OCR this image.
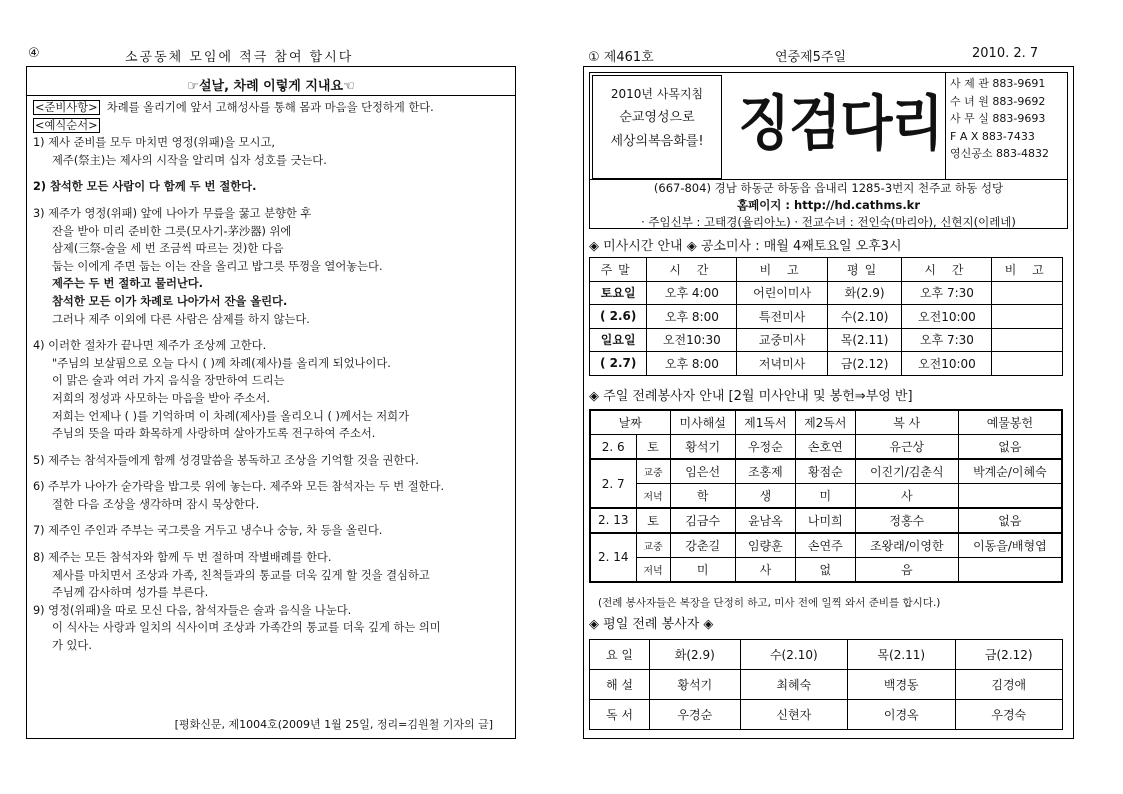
④	소공동체 모임에 적극 참여 합시다
☞설날, 차례 이렇게 지내요☜
<준비사항> 차례를 올리기에 앞서 고해성사를 통해 몸과 마음을 단정하게 한다.
<예식순서>
1) 제사 준비를 모두 마치면 영정(위패)을 모시고,
제주(祭主)는 제사의 시작을 알리며 십자 성호를 긋는다.
2) 참석한 모든 사람이 다 함께 두 번 절한다.
3) 제주가 영정(위패) 앞에 나아가 무릎을 꿇고 분향한 후
잔을 받아 미리 준비한 그릇(모사기-茅沙器) 위에
삼제(三祭-술을 세 번 조금씩 따르는 것)한 다음
둡는 이에게 주면 둡는 이는 잔을 올리고 밥그릇 뚜껑을 열어놓는다.
제주는 두 번 절하고 물러난다.
참석한 모든 이가 차례로 나아가서 잔을 올린다.
그러나 제주 이외에 다른 사람은 삼제를 하지 않는다.
4) 이러한 절차가 끝나면 제주가 조상께 고한다.
"주님의 보살핌으로 오늘 다시 ( )께 차례(제사)를 올리게 되었나이다.
이 맑은 술과 여러 가지 음식을 장만하여 드리는
저희의 정성과 사모하는 마음을 받아 주소서.
저희는 언제나 ( )를 기억하며 이 차례(제사)를 올리오니 ( )께서는 저희가
주님의 뜻을 따라 화목하게 사랑하며 살아가도록 전구하여 주소서.
5) 제주는 참석자들에게 함께 성경말씀을 봉독하고 조상을 기억할 것을 권한다.
6) 주부가 나아가 숟가락을 밥그릇 위에 놓는다. 제주와 모든 참석자는 두 번 절한다.
절한 다음 조상을 생각하며 잠시 묵상한다.
7) 제주인 주인과 주부는 국그릇을 거두고 냉수나 숭늉, 차 등을 올린다.
8) 제주는 모든 참석자와 함께 두 번 절하며 작별배례를 한다.
제사를 마치면서 조상과 가족, 친척들과의 통교를 더욱 깊게 할 것을 결심하고
주님께 감사하며 성가를 부른다.
9) 영정(위패)을 따로 모신 다음, 참석자들은 술과 음식을 나눈다.
이 식사는 사랑과 일치의 식사이며 조상과 가족간의 통교를 더욱 깊게 하는 의미
가 있다.
[평화신문, 제1004호(2009년 1월 25일, 정리=김원철 기자의 글]
① 제461호	연중제5주일	2010. 2. 7
2010년 사목지침
순교영성으로
세상의복음화를! 징검다리
사 제 관 883-9691
수 녀 원 883-9692
사 무 실 883-9693
F A X 883-7433
영신공소 883-4832
(667-804) 경남 하동군 하동읍 읍내리 1285-3번지 천주교 하동 성당
홈페이지 : http://hd.cathms.kr
· 주임신부 : 고태경(율리아노) · 전교수녀 : 전인숙(마리아), 신현지(이레네)
◈ 미사시간 안내 ◈ 공소미사 : 매월 4째토요일 오후3시
주말	시 간	비 고	평일	시 간	비 고
토요일	오후 4:00	어린이미사	화(2.9)	오후 7:30	
( 2.6)	오후 8:00	특전미사	수(2.10)	오전10:00	
일요일	오전10:30	교중미사	목(2.11)	오후 7:30	
( 2.7)	오후 8:00	저녁미사	금(2.12)	오전10:00	
◈ 주일 전례봉사자 안내 [2월 미사안내 및 봉헌⇒부엉 반]
날짜		미사해설	제1독서	제2독서	복 사	예물봉헌
2. 6	토	황석기	우정순	손호연	유근상	없음
2. 7	교중	임은선	조홍제	황점순	이진기/김춘식	박계순/이혜숙
	저녁	학	생	미	사	
2. 13	토	김금수	윤남옥	나미희	정홍수	없음
2. 14	교중	강춘길	임량훈	손연주	조왕래/이영한	이동을/배형엽
	저녁	미	사	없	음	
(전례 봉사자들은 복장을 단정히 하고, 미사 전에 일찍 와서 준비를 합시다.)
◈ 평일 전례 봉사자 ◈
요 일	화(2.9)	수(2.10)	목(2.11)	금(2.12)
해 설	황석기	최혜숙	백경동	김경애
독 서	우경순	신현자	이경옥	우경숙
